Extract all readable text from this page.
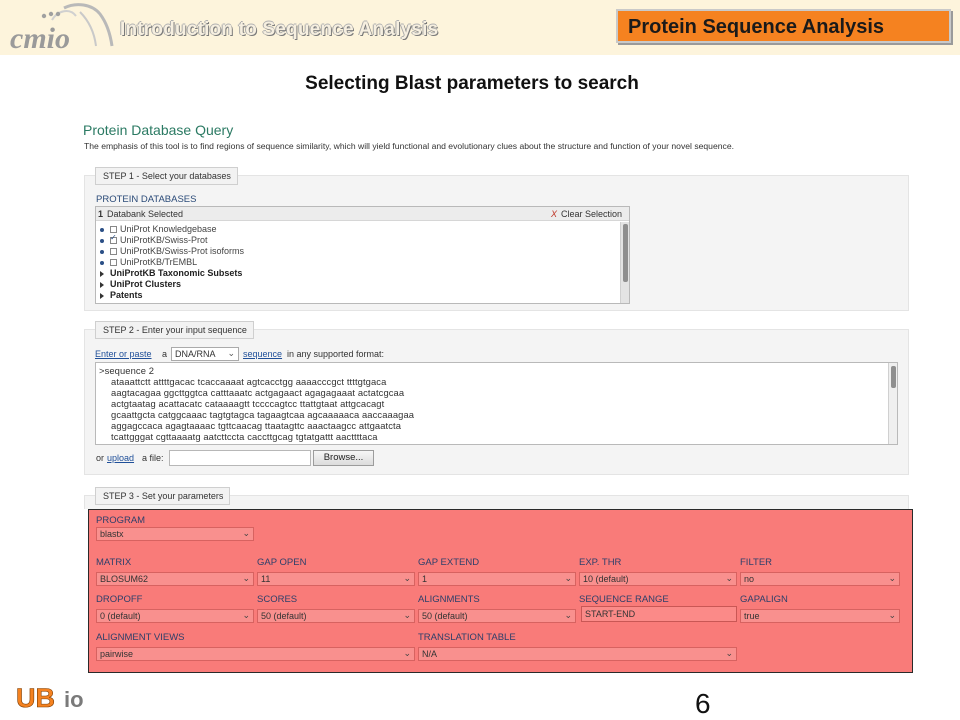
cmio	Introduction to Sequence Analysis	Protein Sequence Analysis
Selecting Blast parameters to search
Protein Database Query
The emphasis of this tool is to find regions of sequence similarity, which will yield functional and evolutionary clues about the structure and function of your novel sequence.
STEP 1 - Select your databases
PROTEIN DATABASES
1 Databank Selected	X Clear Selection
UniProt Knowledgebase
✓UniProtKB/Swiss-Prot
UniProtKB/Swiss-Prot isoforms
UniProtKB/TrEMBL
UniProtKB Taxonomic Subsets
UniProt Clusters
Patents
STEP 2 - Enter your input sequence
Enter or paste a DNA/RNA ⌄ sequence in any supported format:
>sequence 2
ataaattctt attttgacac tcaccaaaat agtcacctgg aaaacccgct ttttgtgaca
aagtacagaa ggcttggtca catttaaatc actgagaact agagagaaat actatcgcaa
actgtaatag acattacatc cataaaagtt tccccagtcc ttattgtaat attgcacagt
gcaattgcta catggcaaac tagtgtagca tagaagtcaa agcaaaaaca aaccaaagaa
aggagccaca agagtaaaac tgttcaacag ttaatagttc aaactaagcc attgaatcta
tcattgggat cgttaaaatg aatcttccta caccttgcag tgtatgattt aacttttaca
or upload a file:	Browse...
STEP 3 - Set your parameters
PROGRAM
blastx	⌄
MATRIX
BLOSUM62	⌄
GAP OPEN
11	⌄
GAP EXTEND
1	⌄
EXP. THR
10 (default)	⌄
FILTER
no	⌄
DROPOFF
0 (default)	⌄
SCORES
50 (default)	⌄
ALIGNMENTS
50 (default)	⌄
SEQUENCE RANGE
START-END
GAPALIGN
true	⌄
ALIGNMENT VIEWS
pairwise	⌄
TRANSLATION TABLE
N/A	⌄
UB io	6
